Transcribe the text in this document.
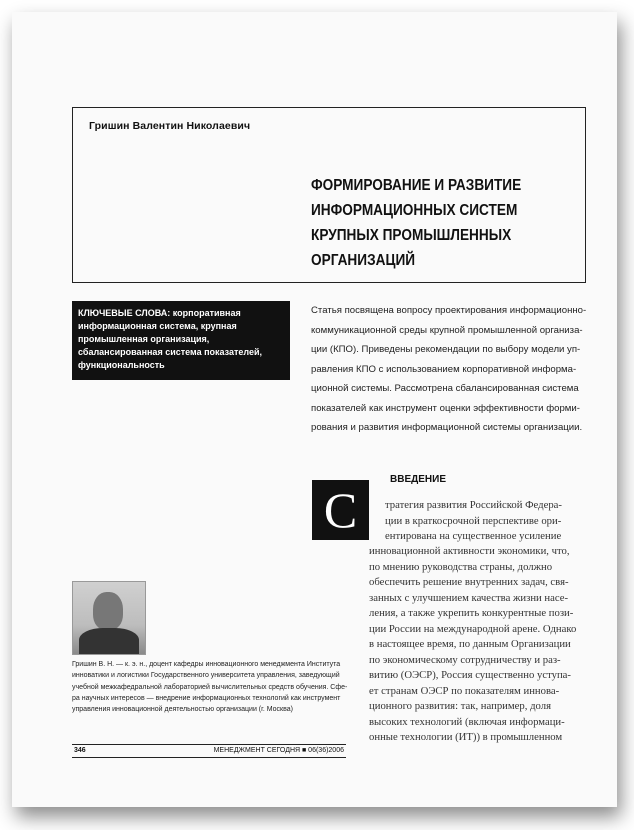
Гришин Валентин Николаевич
ФОРМИРОВАНИЕ И РАЗВИТИЕ
ИНФОРМАЦИОННЫХ СИСТЕМ
КРУПНЫХ ПРОМЫШЛЕННЫХ
ОРГАНИЗАЦИЙ
КЛЮЧЕВЫЕ СЛОВА: корпоративная информационная система, крупная промышленная организация, сбалансированная система показателей, функциональность
Статья посвящена вопросу проектирования информационно-
коммуникационной среды крупной промышленной организа-
ции (КПО). Приведены рекомендации по выбору модели уп-
равления КПО с использованием корпоративной информа-
ционной системы. Рассмотрена сбалансированная система
показателей как инструмент оценки эффективности форми-
рования и развития информационной системы организации.
С
ВВЕДЕНИЕ
тратегия развития Российской Федера-
ции в краткосрочной перспективе ори-
ентирована на существенное усиление
инновационной активности экономики, что,
по мнению руководства страны, должно
обеспечить решение внутренних задач, свя-
занных с улучшением качества жизни насе-
ления, а также укрепить конкурентные пози-
ции России на международной арене. Однако
в настоящее время, по данным Организации
по экономическому сотрудничеству и раз-
витию (ОЭСР), Россия существенно уступа-
ет странам ОЭСР по показателям иннова-
ционного развития: так, например, доля
высоких технологий (включая информаци-
онные технологии (ИТ)) в промышленном
Гришин В. Н. — к. э. н., доцент кафедры инновационного менеджмента Института
инноватики и логистики Государственного университета управления, заведующий
учебной межкафедральной лабораторией вычислительных средств обучения. Сфе-
ра научных интересов — внедрение информационных технологий как инструмент
управления инновационной деятельностью организации (г. Москва)
346	МЕНЕДЖМЕНТ СЕГОДНЯ ■ 06(36)2006
